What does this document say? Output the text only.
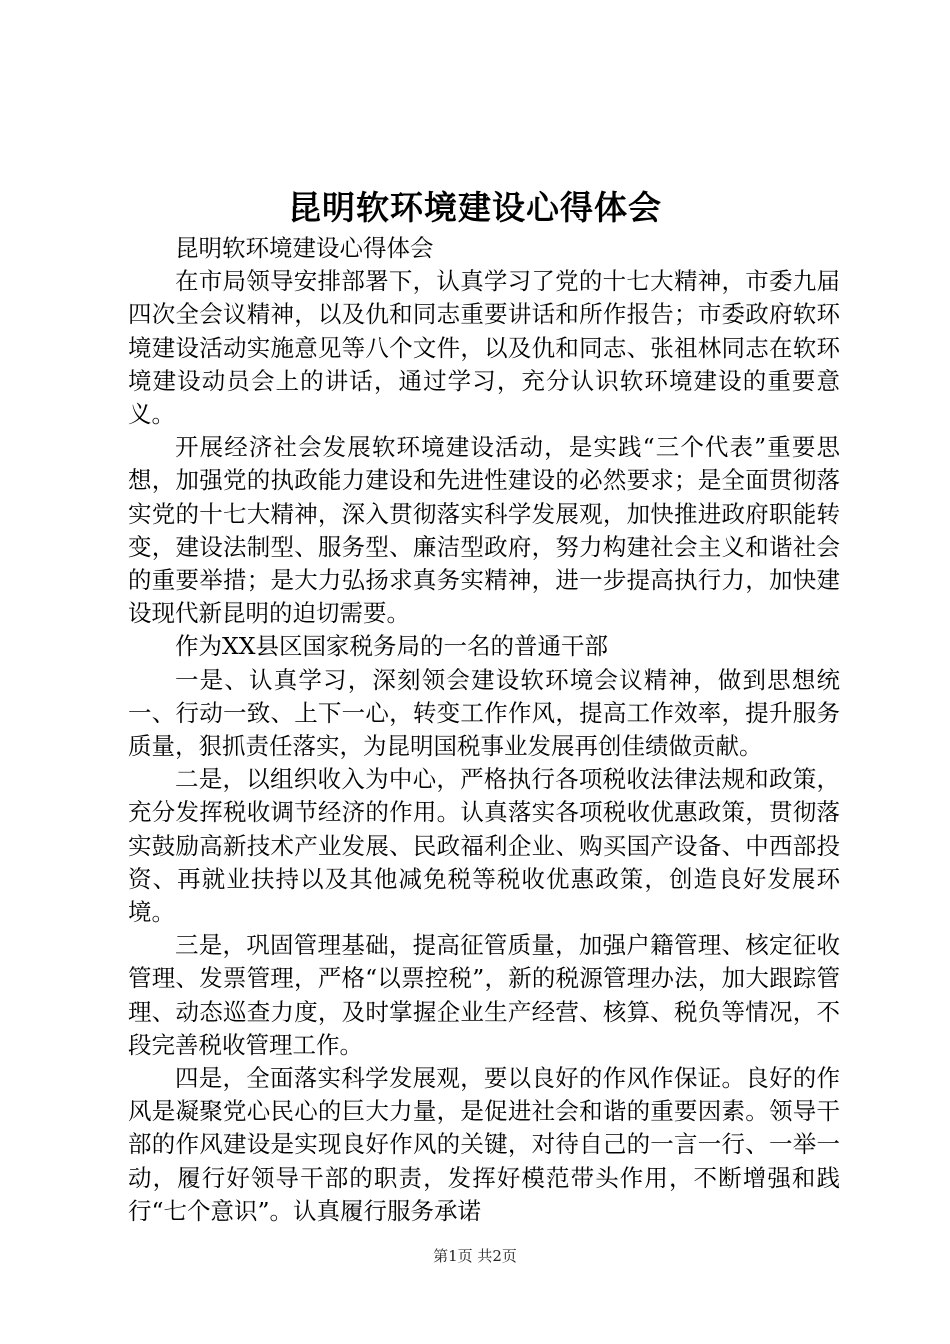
昆明软环境建设心得体会

昆明软环境建设心得体会

在市局领导安排部署下，认真学习了党的十七大精神，市委九届四次全会议精神，以及仇和同志重要讲话和所作报告；市委政府软环境建设活动实施意见等八个文件，以及仇和同志、张祖林同志在软环境建设动员会上的讲话，通过学习，充分认识软环境建设的重要意义。

开展经济社会发展软环境建设活动，是实践“三个代表”重要思想，加强党的执政能力建设和先进性建设的必然要求；是全面贯彻落实党的十七大精神，深入贯彻落实科学发展观，加快推进政府职能转变，建设法制型、服务型、廉洁型政府，努力构建社会主义和谐社会的重要举措；是大力弘扬求真务实精神，进一步提高执行力，加快建设现代新昆明的迫切需要。

作为XX县区国家税务局的一名的普通干部

一是、认真学习，深刻领会建设软环境会议精神，做到思想统一、行动一致、上下一心，转变工作作风，提高工作效率，提升服务质量，狠抓责任落实，为昆明国税事业发展再创佳绩做贡献。

二是，以组织收入为中心，严格执行各项税收法律法规和政策，充分发挥税收调节经济的作用。认真落实各项税收优惠政策，贯彻落实鼓励高新技术产业发展、民政福利企业、购买国产设备、中西部投资、再就业扶持以及其他减免税等税收优惠政策，创造良好发展环境。

三是，巩固管理基础，提高征管质量，加强户籍管理、核定征收管理、发票管理，严格“以票控税”，新的税源管理办法，加大跟踪管理、动态巡查力度，及时掌握企业生产经营、核算、税负等情况，不段完善税收管理工作。

四是，全面落实科学发展观，要以良好的作风作保证。良好的作风是凝聚党心民心的巨大力量，是促进社会和谐的重要因素。领导干部的作风建设是实现良好作风的关键，对待自己的一言一行、一举一动，履行好领导干部的职责，发挥好模范带头作用，不断增强和践行“七个意识”。认真履行服务承诺

第1页 共2页
